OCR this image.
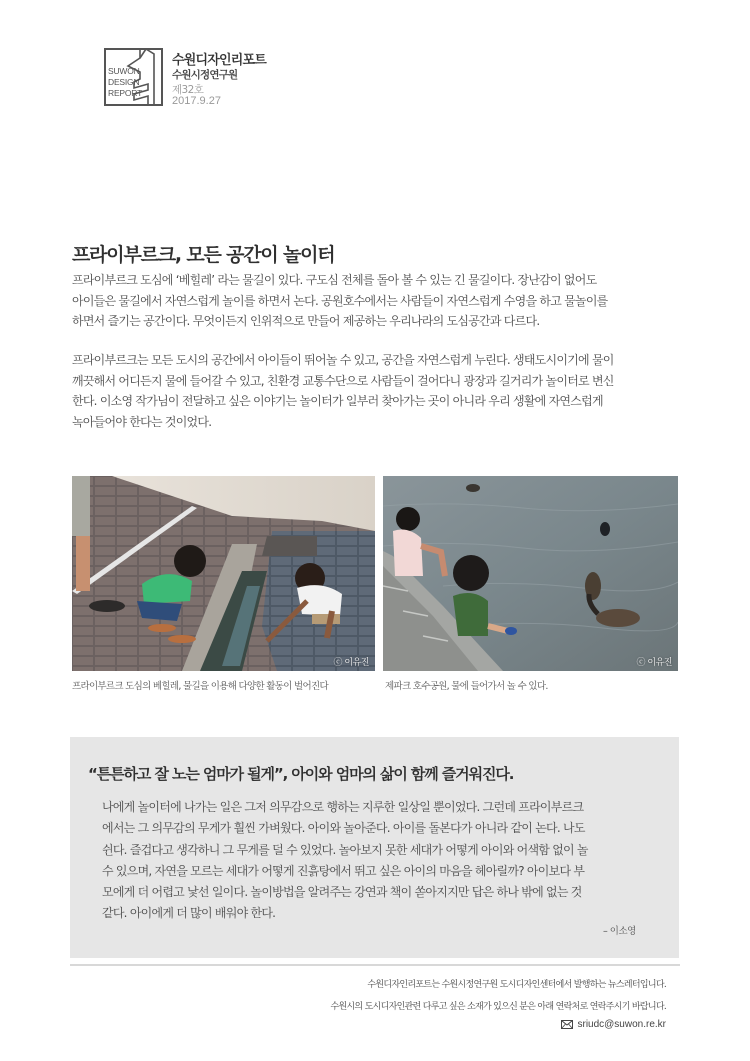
SUWON
DESIGN
REPORT
수원디자인리포트
수원시정연구원
제32호
2017.9.27
프라이부르크, 모든 공간이 놀이터

프라이부르크 도심에 ‘베힐레’ 라는 물길이 있다. 구도심 전체를 돌아 볼 수 있는 긴 물길이다. 장난감이 없어도

아이들은 물길에서 자연스럽게 놀이를 하면서 논다. 공원호수에서는 사람들이 자연스럽게 수영을 하고 물놀이를

하면서 즐기는 공간이다. 무엇이든지 인위적으로 만들어 제공하는 우리나라의 도심공간과 다르다.

프라이부르크는 모든 도시의 공간에서 아이들이 뛰어놀 수 있고, 공간을 자연스럽게 누린다. 생태도시이기에 물이

깨끗해서 어디든지 물에 들어갈 수 있고, 친환경 교통수단으로 사람들이 걸어다니 광장과 길거리가 놀이터로 변신

한다. 이소영 작가님이 전달하고 싶은 이야기는 놀이터가 일부러 찾아가는 곳이 아니라 우리 생활에 자연스럽게

녹아들어야 한다는 것이었다.

ⓒ 이유진
프라이부르크 도심의 베힐레, 물길을 이용해 다양한 활동이 벌어진다
ⓒ 이유진
제파크 호수공원, 물에 들어가서 놀 수 있다.
“튼튼하고 잘 노는 엄마가 될게”, 아이와 엄마의 삶이 함께 즐거워진다.

나에게 놀이터에 나가는 일은 그저 의무감으로 행하는 지루한 일상일 뿐이었다. 그런데 프라이부르크

에서는 그 의무감의 무게가 훨씬 가벼웠다. 아이와 놀아준다. 아이를 돌본다가 아니라 같이 논다. 나도

쉰다. 즐겁다고 생각하니 그 무게를 덜 수 있었다. 놀아보지 못한 세대가 어떻게 아이와 어색함 없이 놀

수 있으며, 자연을 모르는 세대가 어떻게 진흙탕에서 뛰고 싶은 아이의 마음을 헤아릴까? 아이보다 부

모에게 더 어렵고 낯선 일이다. 놀이방법을 알려주는 강연과 책이 쏟아지지만 답은 하나 밖에 없는 것

같다. 아이에게 더 많이 배워야 한다.

– 이소영
수원디자인리포트는 수원시정연구원 도시디자인센터에서 발행하는 뉴스레터입니다.
수원시의 도시디자인관련 다루고 싶은 소재가 있으신 분은 아래 연락처로 연락주시기 바랍니다.
sriudc@suwon.re.kr
